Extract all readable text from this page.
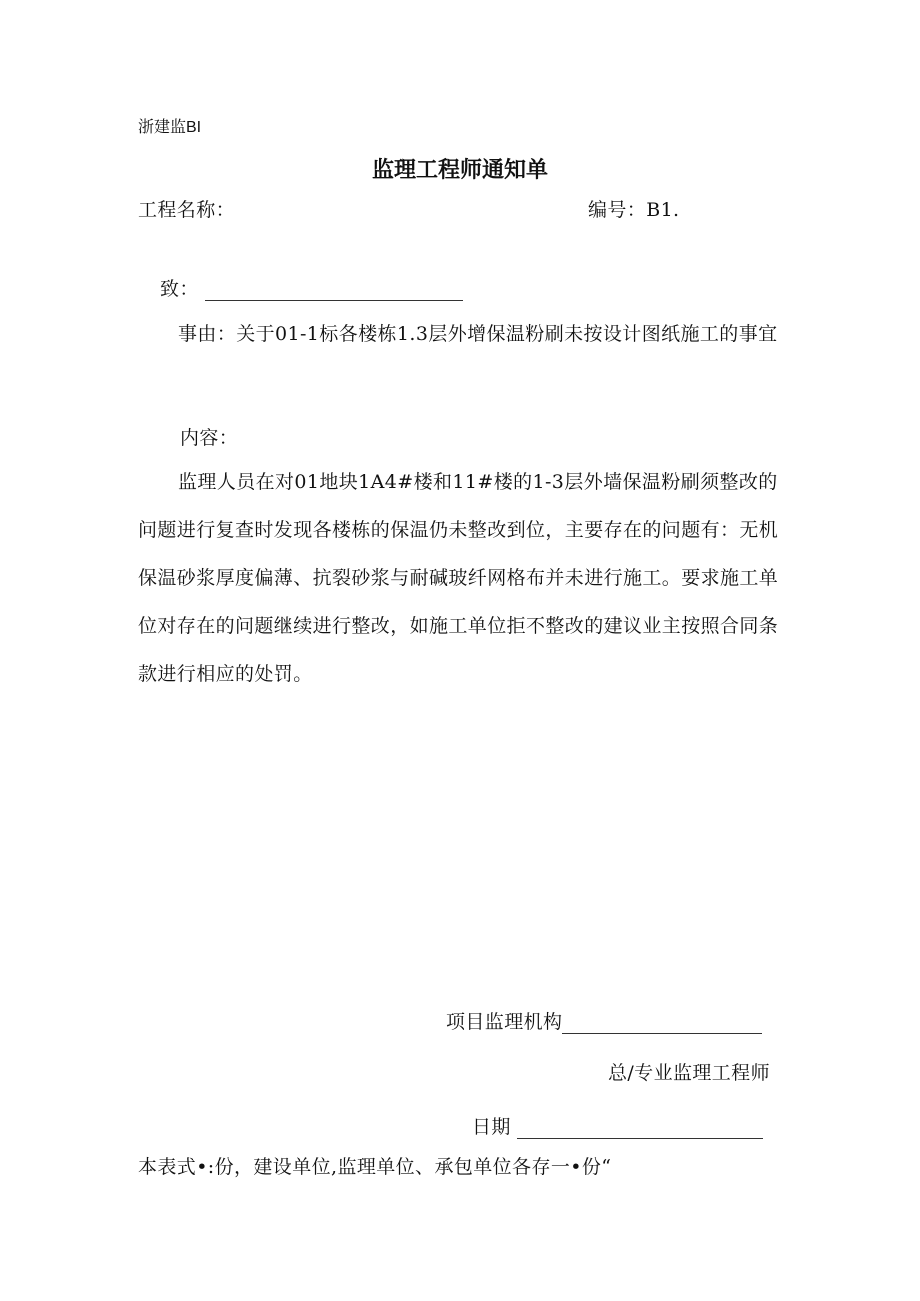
浙建监BI
监理工程师通知单
工程名称：	编号：B1.
致：
事由：关于01-1标各楼栋1.3层外增保温粉刷未按设计图纸施工的事宜
内容：
监理人员在对01地块1A4#楼和11#楼的1-3层外墙保温粉刷须整改的问题进行复查时发现各楼栋的保温仍未整改到位，主要存在的问题有：无机保温砂浆厚度偏薄、抗裂砂浆与耐碱玻纤网格布并未进行施工。要求施工单位对存在的问题继续进行整改，如施工单位拒不整改的建议业主按照合同条款进行相应的处罚。
项目监理机构
总/专业监理工程师
日期
本表式•:份，建设单位,监理单位、承包单位各存一•份“
